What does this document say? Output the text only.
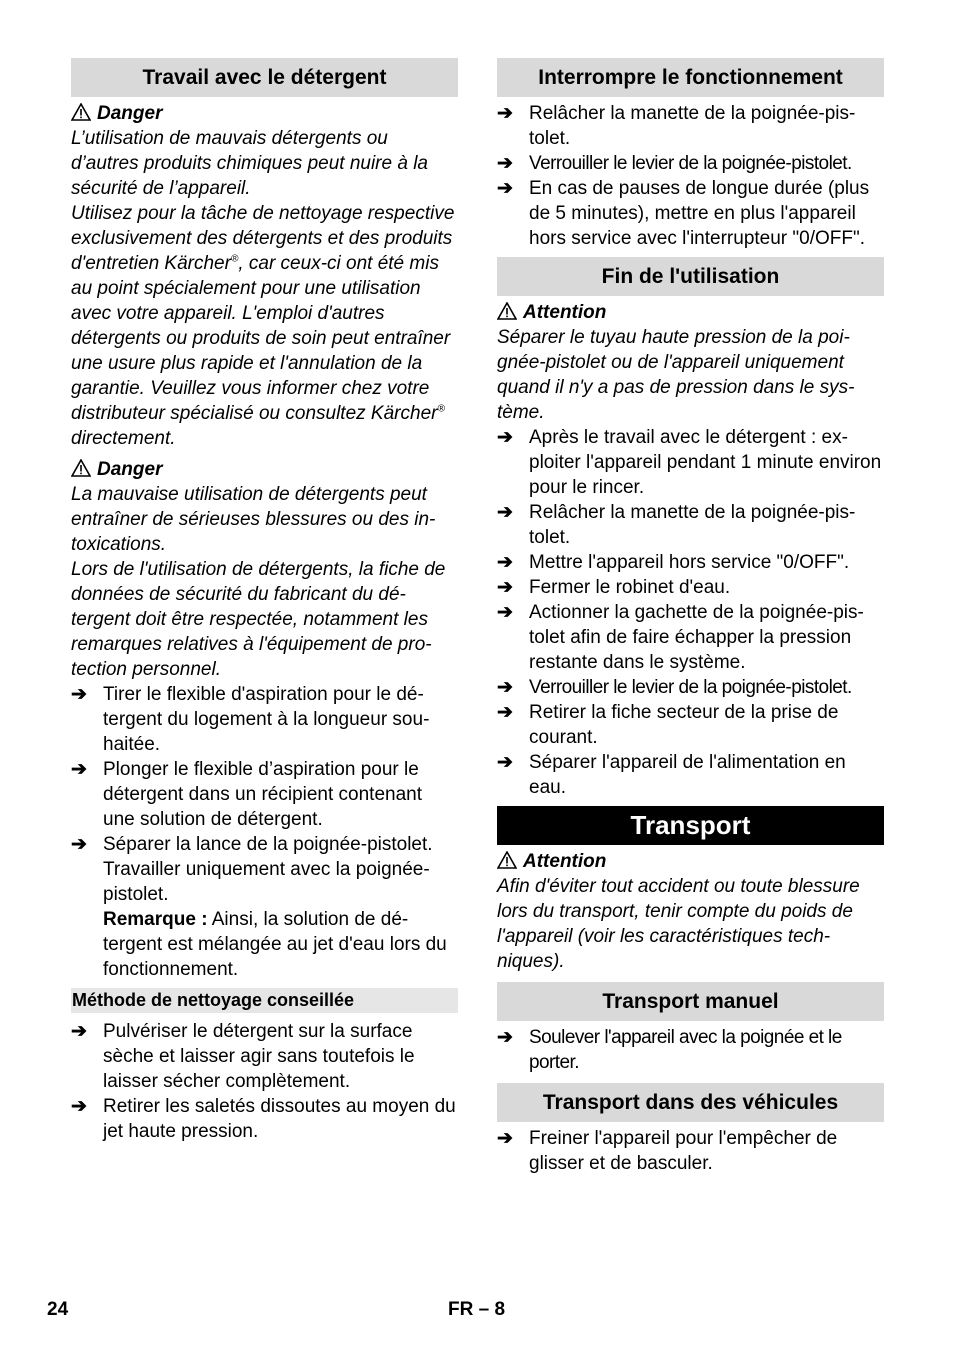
Travail avec le détergent
Danger
L’utilisation de mauvais détergents ou d’autres produits chimiques peut nuire à la sécurité de l’appareil.
Utilisez pour la tâche de nettoyage respective exclusivement des détergents et des produits d'entretien Kärcher®, car ceux-ci ont été mis au point spécialement pour une utilisation avec votre appareil. L'emploi d'autres détergents ou produits de soin peut entraîner une usure plus rapide et l'annulation de la garantie. Veuillez vous informer chez votre distributeur spécialisé ou consultez Kärcher® directement.
Danger
La mauvaise utilisation de détergents peut entraîner de sérieuses blessures ou des intoxications.
Lors de l'utilisation de détergents, la fiche de données de sécurité du fabricant du détergent doit être respectée, notamment les remarques relatives à l'équipement de protection personnel.
➔ Tirer le flexible d'aspiration pour le détergent du logement à la longueur souhaitée.
➔ Plonger le flexible d’aspiration pour le détergent dans un récipient contenant une solution de détergent.
➔ Séparer la lance de la poignée-pistolet. Travailler uniquement avec la poignée-pistolet.
Remarque : Ainsi, la solution de détergent est mélangée au jet d'eau lors du fonctionnement.
Méthode de nettoyage conseillée
➔ Pulvériser le détergent sur la surface sèche et laisser agir sans toutefois le laisser sécher complètement.
➔ Retirer les saletés dissoutes au moyen du jet haute pression.
Interrompre le fonctionnement
➔ Relâcher la manette de la poignée-pistolet.
➔ Verrouiller le levier de la poignée-pistolet.
➔ En cas de pauses de longue durée (plus de 5 minutes), mettre en plus l'appareil hors service avec l'interrupteur "0/OFF".
Fin de l'utilisation
Attention
Séparer le tuyau haute pression de la poignée-pistolet ou de l'appareil uniquement quand il n'y a pas de pression dans le système.
➔ Après le travail avec le détergent : exploiter l'appareil pendant 1 minute environ pour le rincer.
➔ Relâcher la manette de la poignée-pistolet.
➔ Mettre l'appareil hors service "0/OFF".
➔ Fermer le robinet d'eau.
➔ Actionner la gachette de la poignée-pistolet afin de faire échapper la pression restante dans le système.
➔ Verrouiller le levier de la poignée-pistolet.
➔ Retirer la fiche secteur de la prise de courant.
➔ Séparer l'appareil de l'alimentation en eau.
Transport
Attention
Afin d'éviter tout accident ou toute blessure lors du transport, tenir compte du poids de l'appareil (voir les caractéristiques techniques).
Transport manuel
➔ Soulever l'appareil avec la poignée et le porter.
Transport dans des véhicules
➔ Freiner l'appareil pour l'empêcher de glisser et de basculer.
24	FR – 8
